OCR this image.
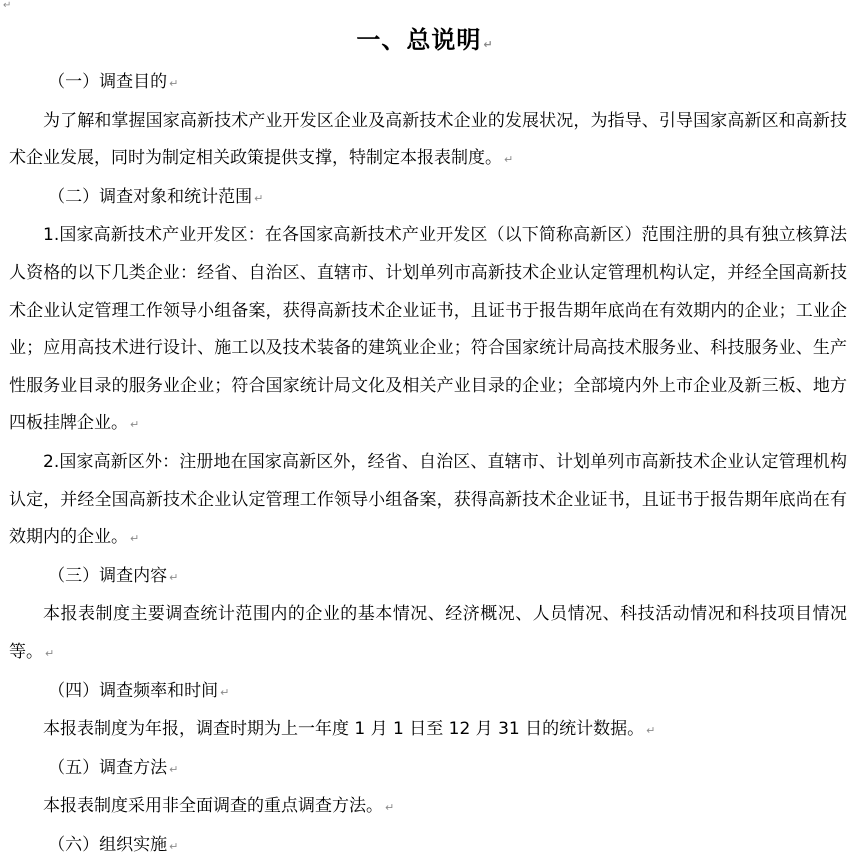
↵
一、总说明 ↵

（一）调查目的 ↵

为了解和掌握国家高新技术产业开发区企业及高新技术企业的发展状况，为指导、引导国家高新区和高新技术企业发展，同时为制定相关政策提供支撑，特制定本报表制度。 ↵

（二）调查对象和统计范围 ↵

1.国家高新技术产业开发区：在各国家高新技术产业开发区（以下简称高新区）范围注册的具有独立核算法人资格的以下几类企业：经省、自治区、直辖市、计划单列市高新技术企业认定管理机构认定，并经全国高新技术企业认定管理工作领导小组备案，获得高新技术企业证书，且证书于报告期年底尚在有效期内的企业；工业企业；应用高技术进行设计、施工以及技术装备的建筑业企业；符合国家统计局高技术服务业、科技服务业、生产性服务业目录的服务业企业；符合国家统计局文化及相关产业目录的企业；全部境内外上市企业及新三板、地方四板挂牌企业。 ↵

2.国家高新区外：注册地在国家高新区外，经省、自治区、直辖市、计划单列市高新技术企业认定管理机构认定，并经全国高新技术企业认定管理工作领导小组备案，获得高新技术企业证书，且证书于报告期年底尚在有效期内的企业。 ↵

（三）调查内容 ↵

本报表制度主要调查统计范围内的企业的基本情况、经济概况、人员情况、科技活动情况和科技项目情况等。 ↵

（四）调查频率和时间 ↵

本报表制度为年报，调查时期为上一年度 1 月 1 日至 12 月 31 日的统计数据。 ↵

（五）调查方法 ↵

本报表制度采用非全面调查的重点调查方法。 ↵

（六）组织实施 ↵
